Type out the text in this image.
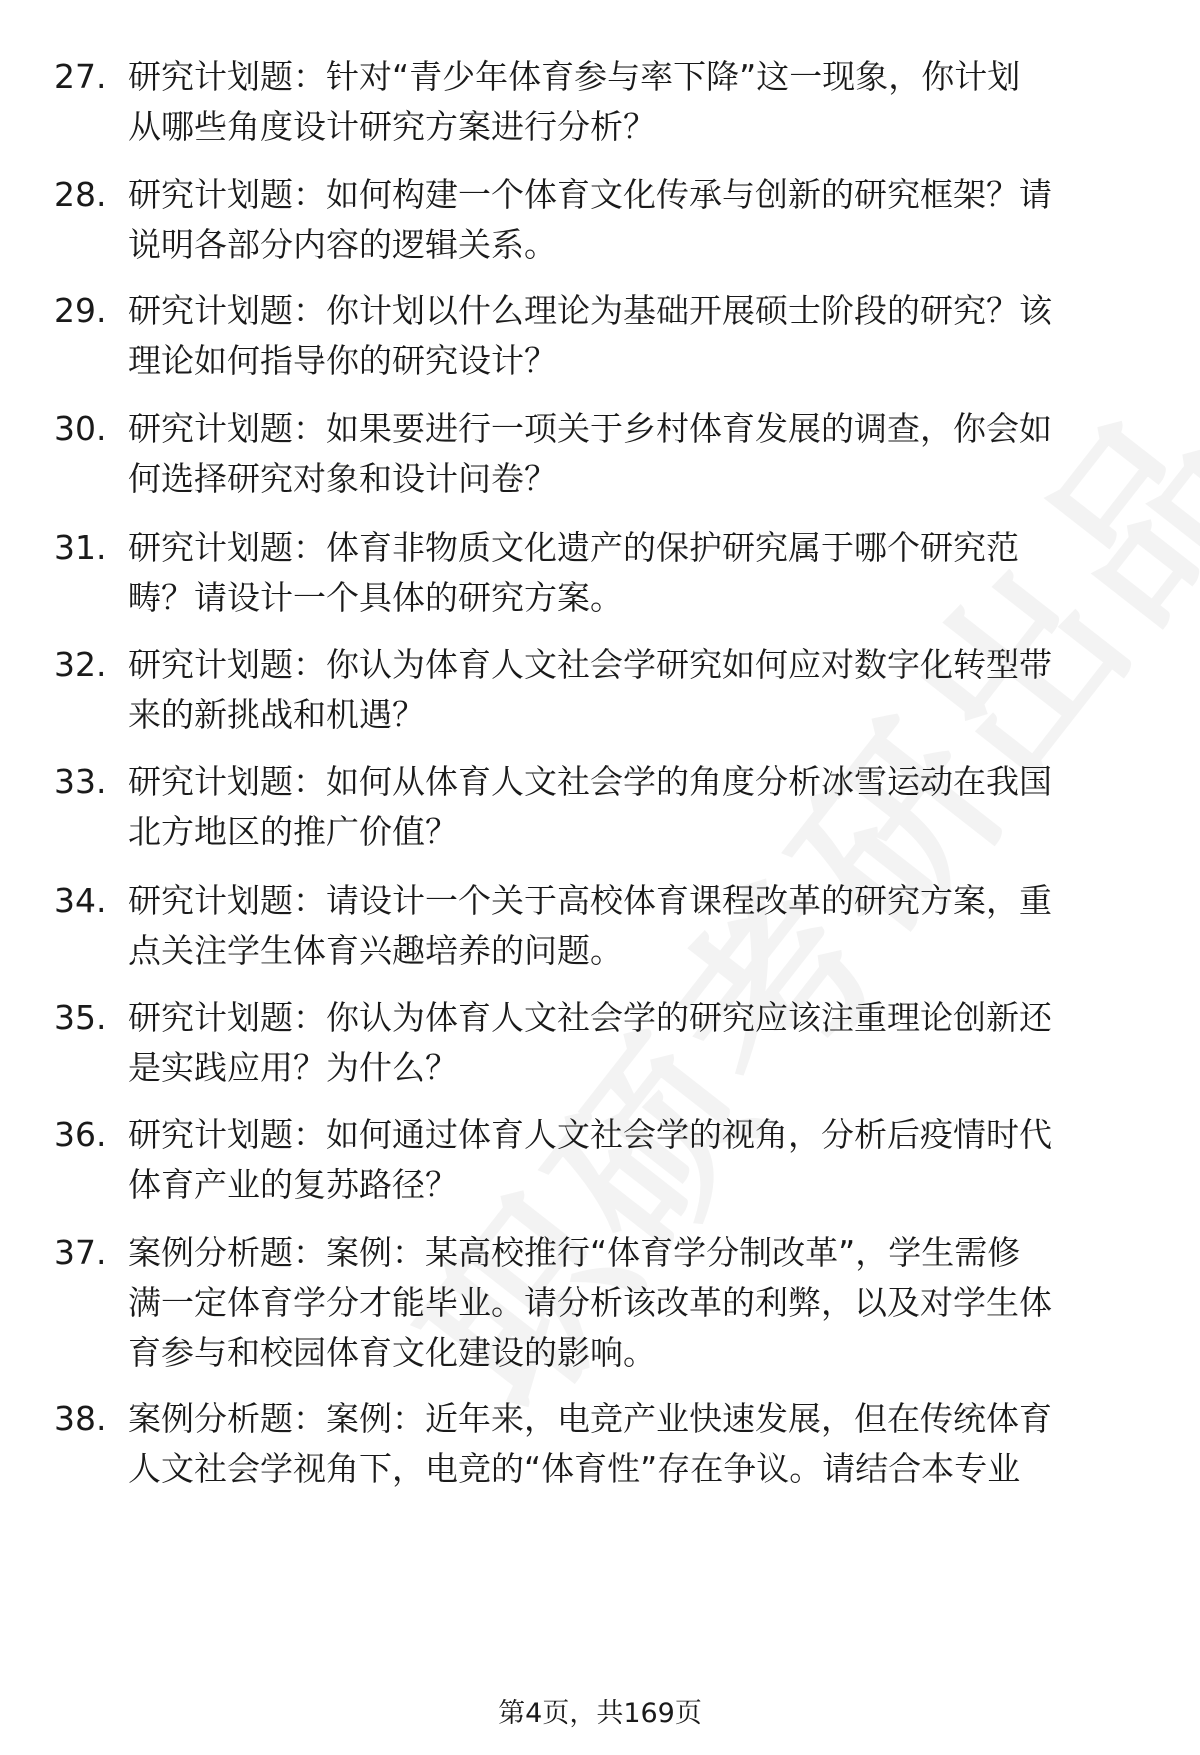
27. 研究计划题：针对“青少年体育参与率下降”这一现象，你计划
从哪些角度设计研究方案进行分析？
28. 研究计划题：如何构建一个体育文化传承与创新的研究框架？请
说明各部分内容的逻辑关系。
29. 研究计划题：你计划以什么理论为基础开展硕士阶段的研究？该
理论如何指导你的研究设计？
30. 研究计划题：如果要进行一项关于乡村体育发展的调查，你会如
何选择研究对象和设计问卷？
31. 研究计划题：体育非物质文化遗产的保护研究属于哪个研究范
畴？请设计一个具体的研究方案。
32. 研究计划题：你认为体育人文社会学研究如何应对数字化转型带
来的新挑战和机遇？
33. 研究计划题：如何从体育人文社会学的角度分析冰雪运动在我国
北方地区的推广价值？
34. 研究计划题：请设计一个关于高校体育课程改革的研究方案，重
点关注学生体育兴趣培养的问题。
35. 研究计划题：你认为体育人文社会学的研究应该注重理论创新还
是实践应用？为什么？
36. 研究计划题：如何通过体育人文社会学的视角，分析后疫情时代
体育产业的复苏路径？
37. 案例分析题：案例：某高校推行“体育学分制改革”，学生需修
满一定体育学分才能毕业。请分析该改革的利弊，以及对学生体
育参与和校园体育文化建设的影响。
38. 案例分析题：案例：近年来，电竞产业快速发展，但在传统体育
人文社会学视角下，电竞的“体育性”存在争议。请结合本专业
第4页，共169页
